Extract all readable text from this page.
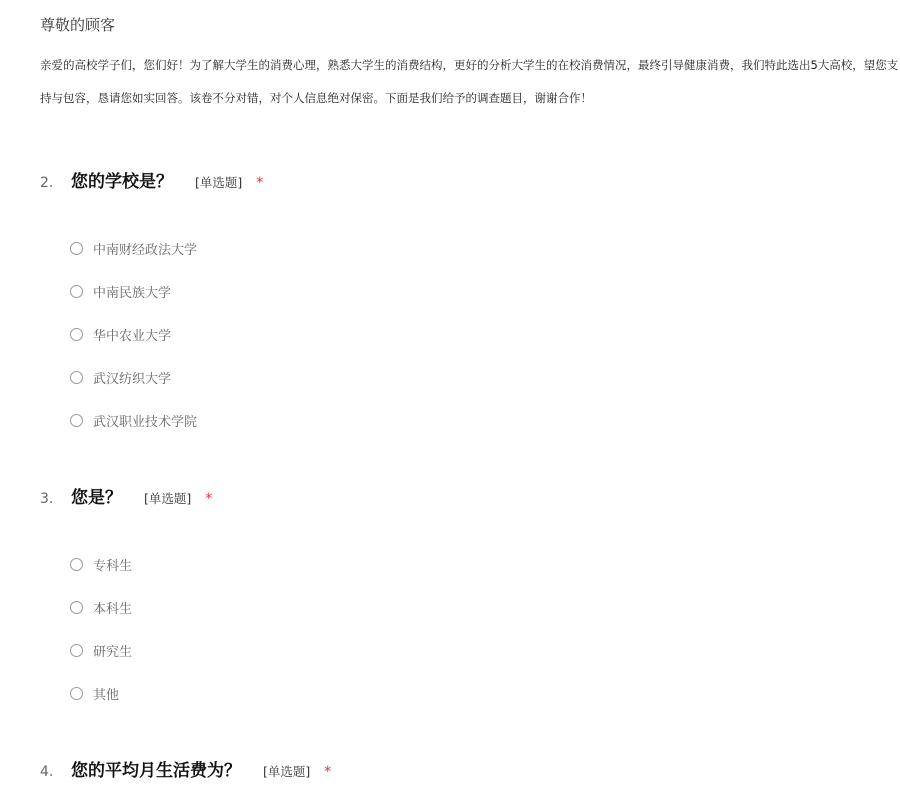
尊敬的顾客
亲爱的高校学子们，您们好！为了解大学生的消费心理，熟悉大学生的消费结构，更好的分析大学生的在校消费情况，最终引导健康消费，我们特此选出5大高校，望您支
持与包容，恳请您如实回答。该卷不分对错，对个人信息绝对保密。下面是我们给予的调查题目，谢谢合作！
2.	您的学校是？ [单选题] *
中南财经政法大学
中南民族大学
华中农业大学
武汉纺织大学
武汉职业技术学院
3.	您是？ [单选题] *
专科生
本科生
研究生
其他
4.	您的平均月生活费为？ [单选题] *
